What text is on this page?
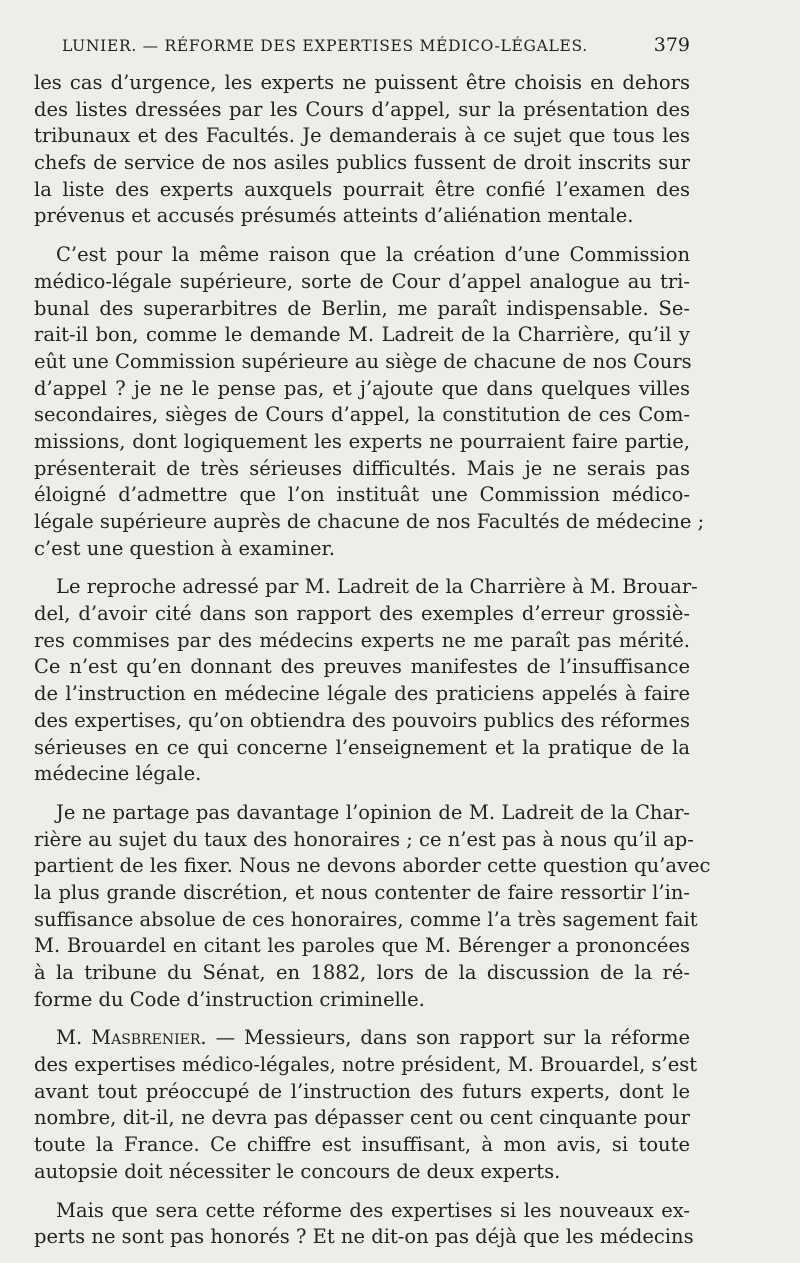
LUNIER. — RÉFORME DES EXPERTISES MÉDICO-LÉGALES.	379
les cas d’urgence, les experts ne puissent être choisis en dehors
des listes dressées par les Cours d’appel, sur la présentation des
tribunaux et des Facultés. Je demanderais à ce sujet que tous les
chefs de service de nos asiles publics fussent de droit inscrits sur
la liste des experts auxquels pourrait être confié l’examen des
prévenus et accusés présumés atteints d’aliénation mentale.
C’est pour la même raison que la création d’une Commission
médico-légale supérieure, sorte de Cour d’appel analogue au tri-
bunal des superarbitres de Berlin, me paraît indispensable. Se-
rait-il bon, comme le demande M. Ladreit de la Charrière, qu’il y
eût une Commission supérieure au siège de chacune de nos Cours
d’appel ? je ne le pense pas, et j’ajoute que dans quelques villes
secondaires, sièges de Cours d’appel, la constitution de ces Com-
missions, dont logiquement les experts ne pourraient faire partie,
présenterait de très sérieuses difficultés. Mais je ne serais pas
éloigné d’admettre que l’on instituât une Commission médico-
légale supérieure auprès de chacune de nos Facultés de médecine ;
c’est une question à examiner.
Le reproche adressé par M. Ladreit de la Charrière à M. Brouar-
del, d’avoir cité dans son rapport des exemples d’erreur grossiè-
res commises par des médecins experts ne me paraît pas mérité.
Ce n’est qu’en donnant des preuves manifestes de l’insuffisance
de l’instruction en médecine légale des praticiens appelés à faire
des expertises, qu’on obtiendra des pouvoirs publics des réformes
sérieuses en ce qui concerne l’enseignement et la pratique de la
médecine légale.
Je ne partage pas davantage l’opinion de M. Ladreit de la Char-
rière au sujet du taux des honoraires ; ce n’est pas à nous qu’il ap-
partient de les fixer. Nous ne devons aborder cette question qu’avec
la plus grande discrétion, et nous contenter de faire ressortir l’in-
suffisance absolue de ces honoraires, comme l’a très sagement fait
M. Brouardel en citant les paroles que M. Bérenger a prononcées
à la tribune du Sénat, en 1882, lors de la discussion de la ré-
forme du Code d’instruction criminelle.
M. Masbrenier. — Messieurs, dans son rapport sur la réforme
des expertises médico-légales, notre président, M. Brouardel, s’est
avant tout préoccupé de l’instruction des futurs experts, dont le
nombre, dit-il, ne devra pas dépasser cent ou cent cinquante pour
toute la France. Ce chiffre est insuffisant, à mon avis, si toute
autopsie doit nécessiter le concours de deux experts.
Mais que sera cette réforme des expertises si les nouveaux ex-
perts ne sont pas honorés ? Et ne dit-on pas déjà que les médecins
